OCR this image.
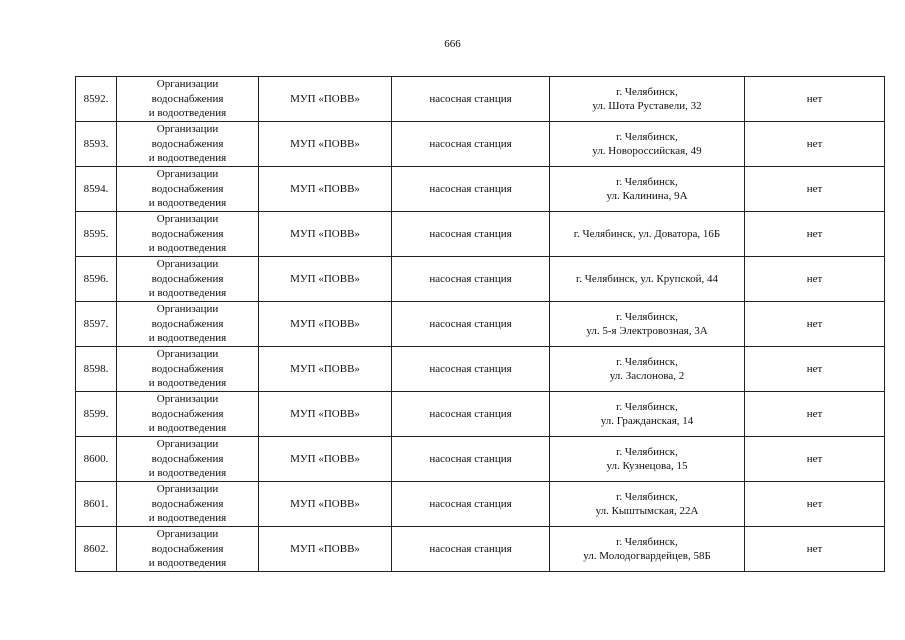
666
8592.	Организации
водоснабжения
и водоотведения	МУП «ПОВВ»	насосная станция	г. Челябинск,
ул. Шота Руставели, 32	нет
8593.	Организации
водоснабжения
и водоотведения	МУП «ПОВВ»	насосная станция	г. Челябинск,
ул. Новороссийская, 49	нет
8594.	Организации
водоснабжения
и водоотведения	МУП «ПОВВ»	насосная станция	г. Челябинск,
ул. Калинина, 9А	нет
8595.	Организации
водоснабжения
и водоотведения	МУП «ПОВВ»	насосная станция	г. Челябинск, ул. Доватора, 16Б	нет
8596.	Организации
водоснабжения
и водоотведения	МУП «ПОВВ»	насосная станция	г. Челябинск, ул. Крупской, 44	нет
8597.	Организации
водоснабжения
и водоотведения	МУП «ПОВВ»	насосная станция	г. Челябинск,
ул. 5-я Электровозная, 3А	нет
8598.	Организации
водоснабжения
и водоотведения	МУП «ПОВВ»	насосная станция	г. Челябинск,
ул. Заслонова, 2	нет
8599.	Организации
водоснабжения
и водоотведения	МУП «ПОВВ»	насосная станция	г. Челябинск,
ул. Гражданская, 14	нет
8600.	Организации
водоснабжения
и водоотведения	МУП «ПОВВ»	насосная станция	г. Челябинск,
ул. Кузнецова, 15	нет
8601.	Организации
водоснабжения
и водоотведения	МУП «ПОВВ»	насосная станция	г. Челябинск,
ул. Кыштымская, 22А	нет
8602.	Организации
водоснабжения
и водоотведения	МУП «ПОВВ»	насосная станция	г. Челябинск,
ул. Молодогвардейцев, 58Б	нет
